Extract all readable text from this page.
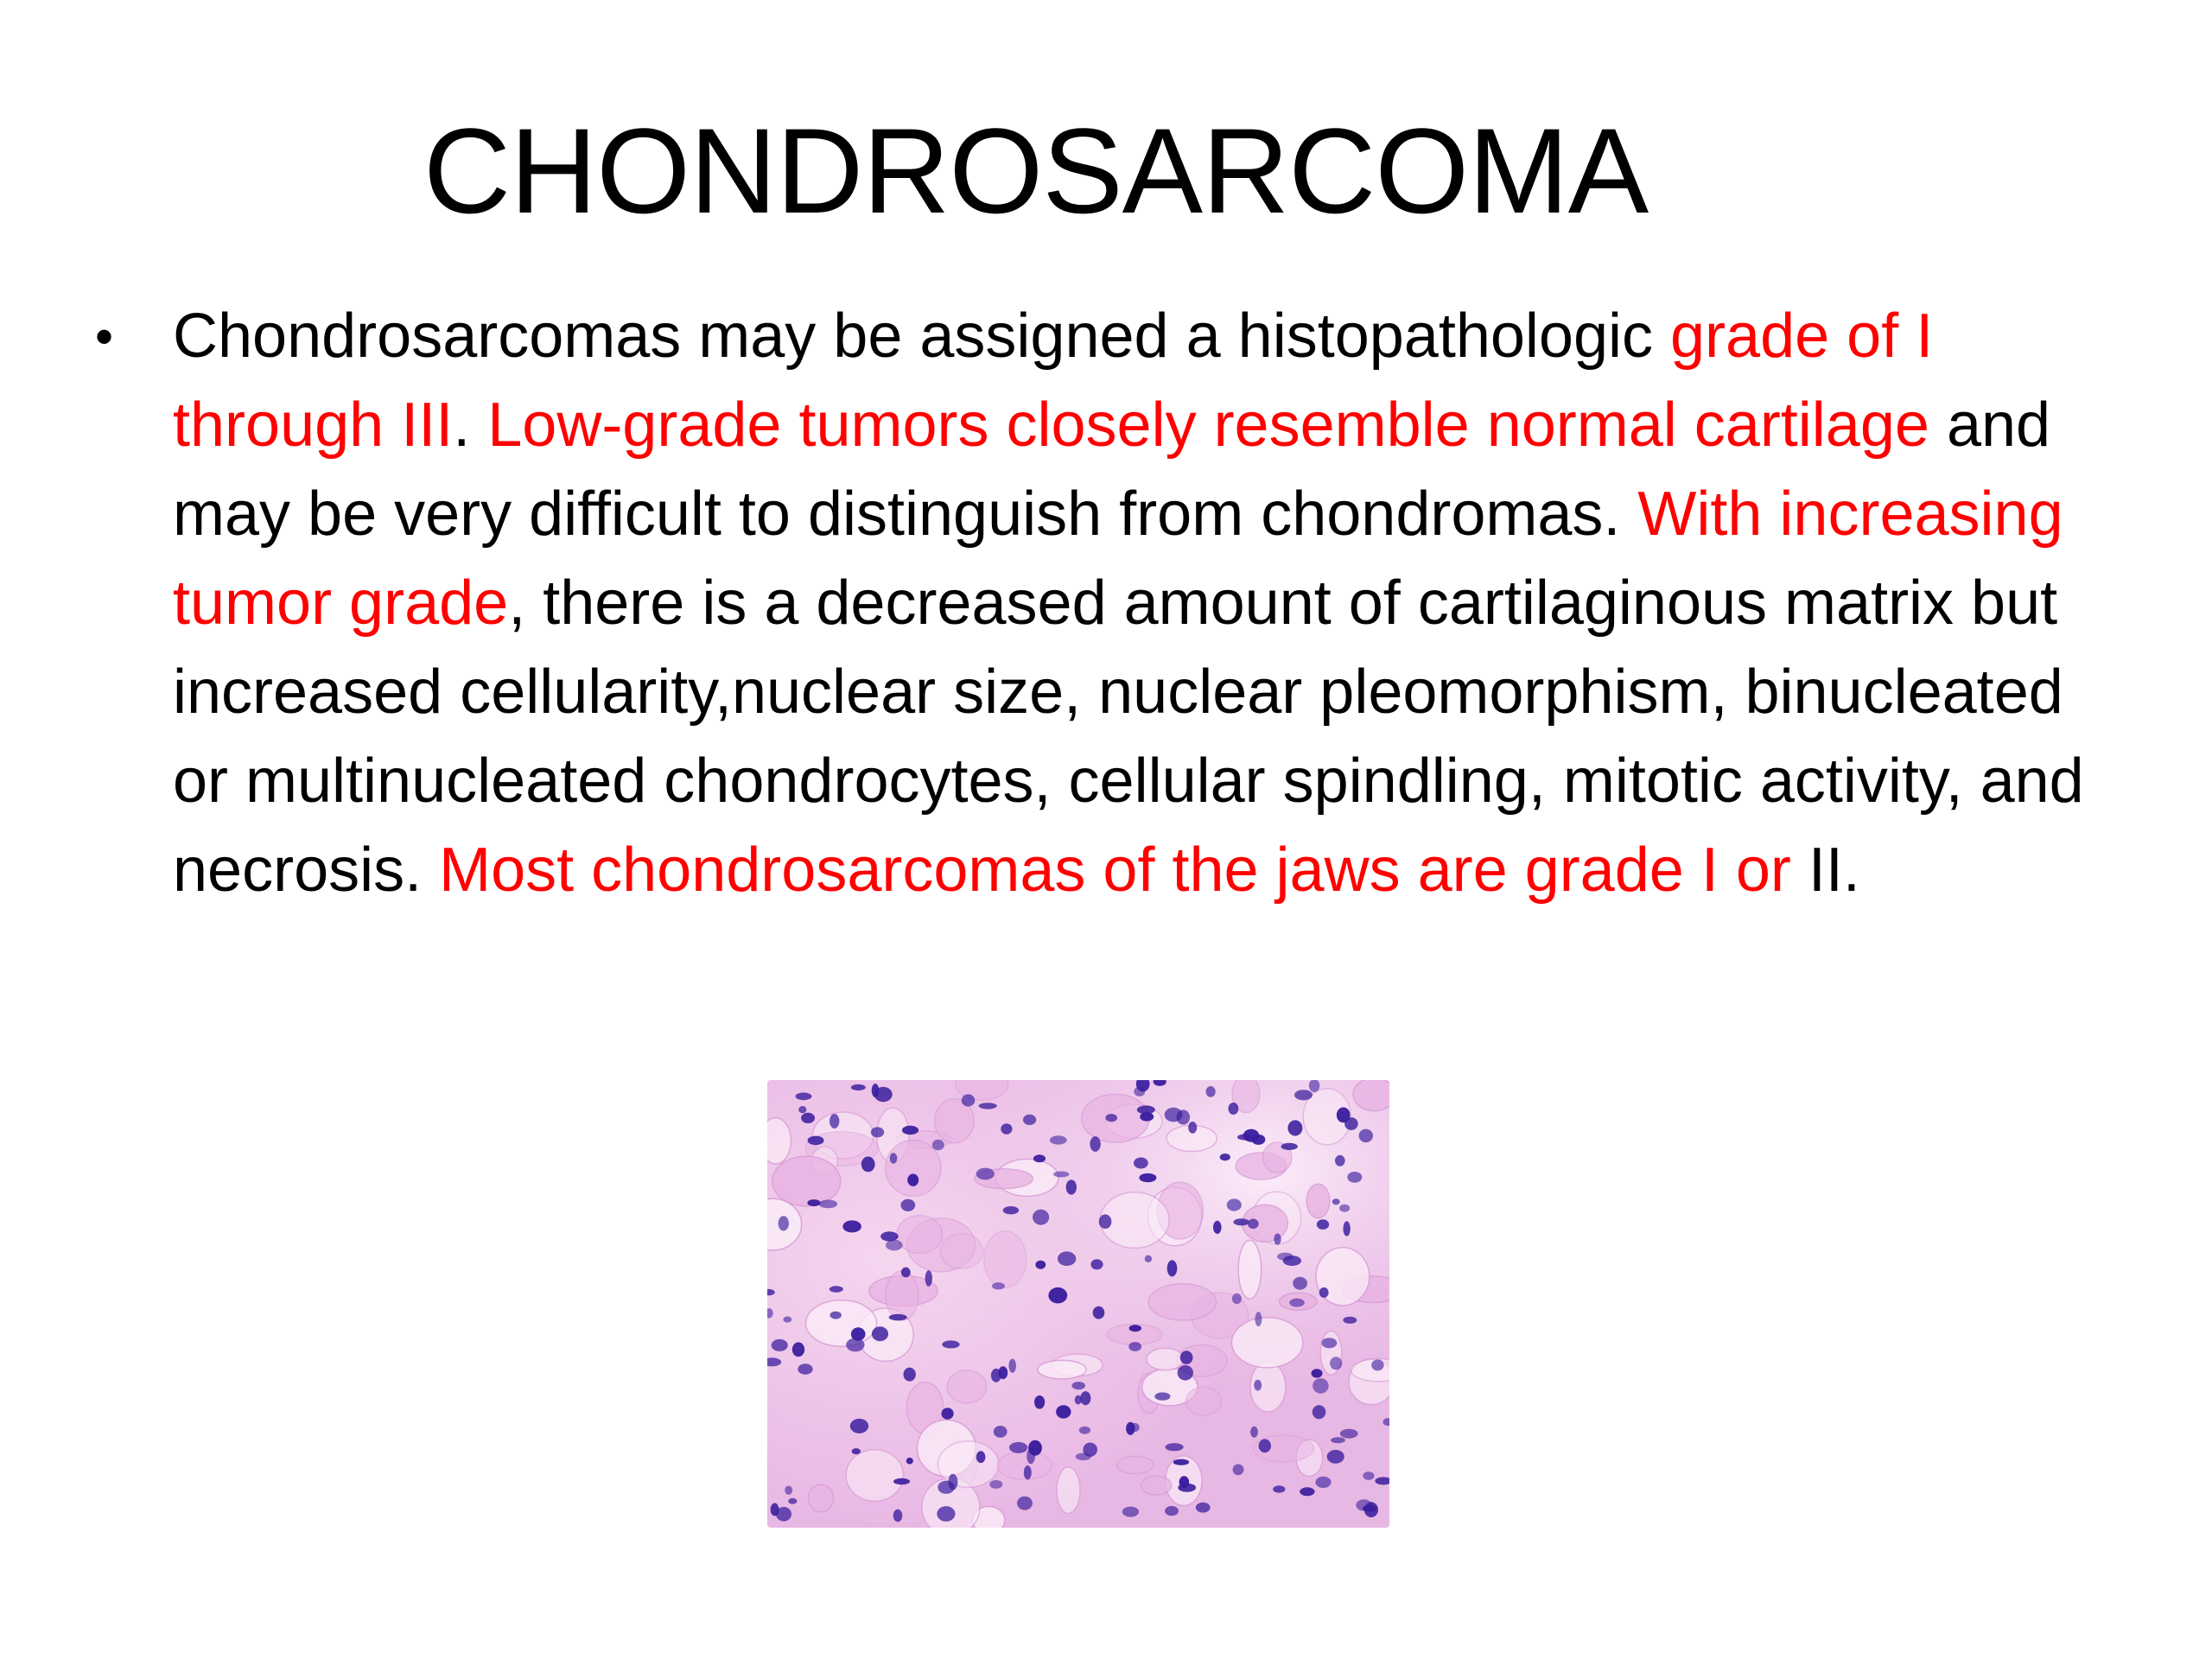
CHONDROSARCOMA
• Chondrosarcomas may be assigned a histopathologic grade of I through III. Low-grade tumors closely resemble normal cartilage and may be very difficult to distinguish from chondromas. With increasing tumor grade, there is a decreased amount of cartilaginous matrix but increased cellularity,nuclear size, nuclear pleomorphism, binucleated or multinucleated chondrocytes, cellular spindling, mitotic activity, and necrosis. Most chondrosarcomas of the jaws are grade I or II.
